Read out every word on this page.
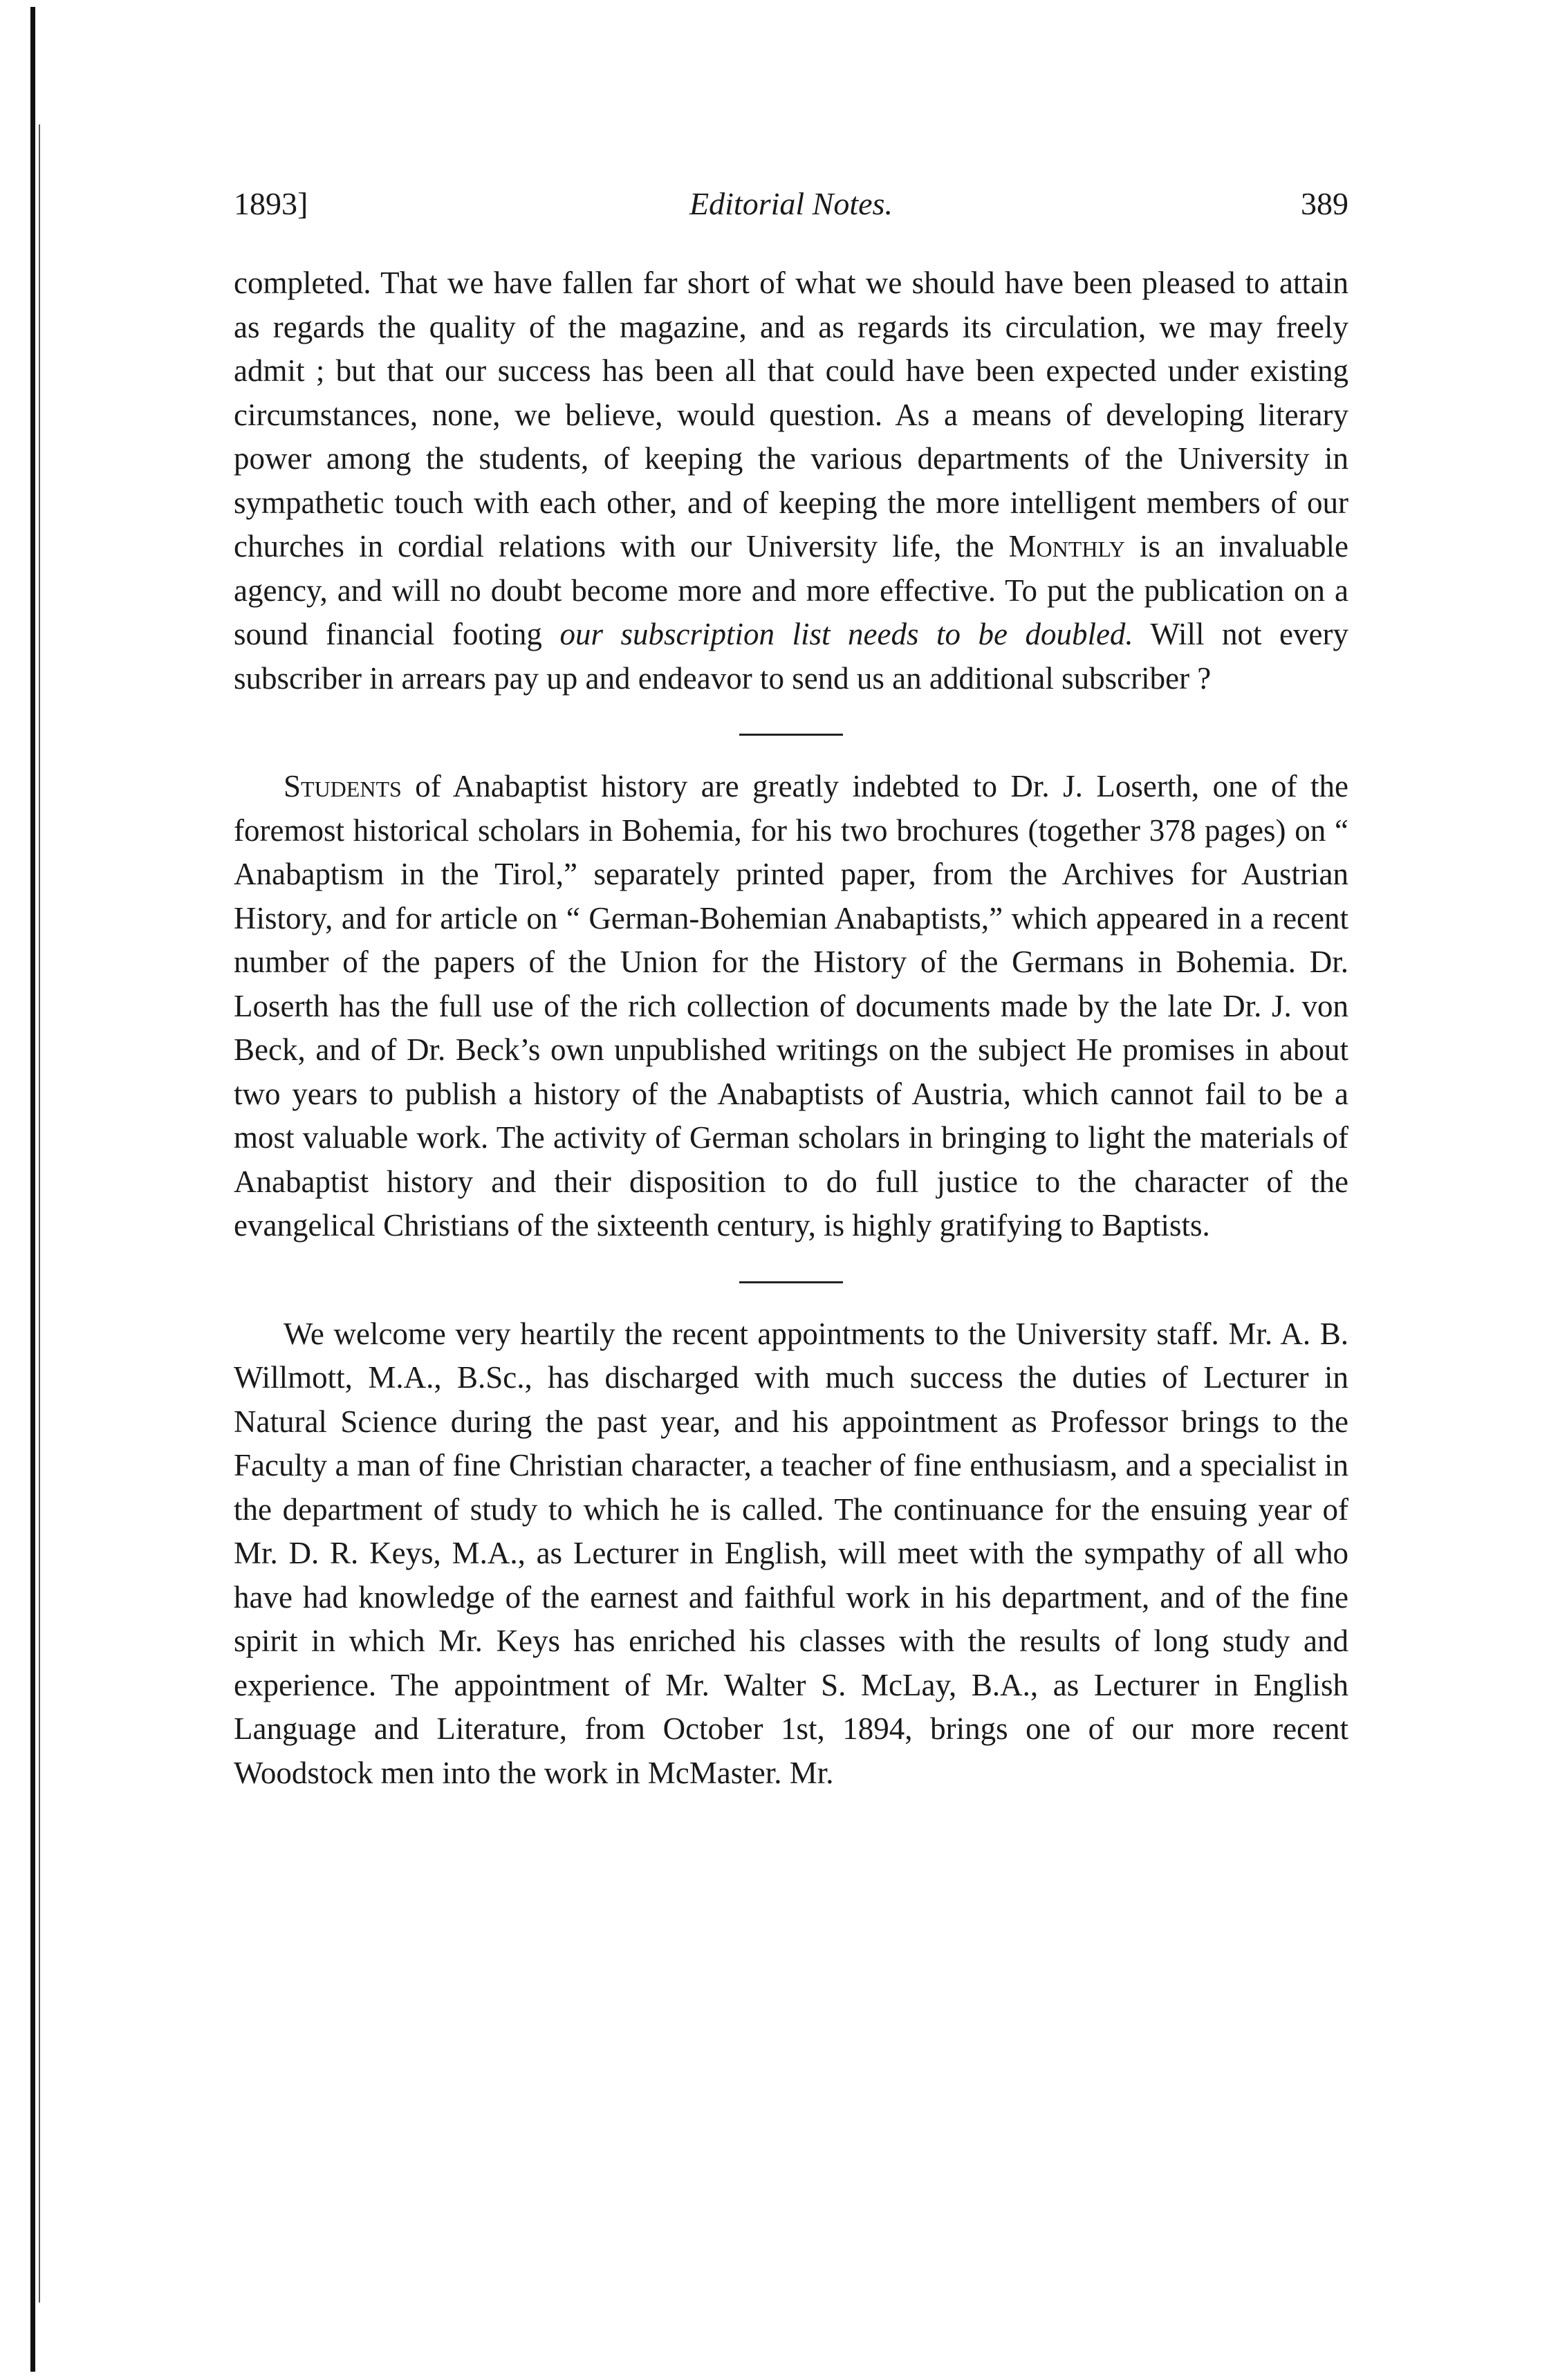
1893]	Editorial Notes.	389

completed. That we have fallen far short of what we should have been pleased to attain as regards the quality of the magazine, and as regards its circulation, we may freely admit ; but that our success has been all that could have been expected under existing circumstances, none, we believe, would question. As a means of developing literary power among the students, of keeping the various departments of the University in sympathetic touch with each other, and of keeping the more intelligent members of our churches in cordial relations with our University life, the Monthly is an invaluable agency, and will no doubt become more and more effective. To put the publication on a sound financial footing our subscription list needs to be doubled. Will not every subscriber in arrears pay up and endeavor to send us an additional subscriber ?

Students of Anabaptist history are greatly indebted to Dr. J. Loserth, one of the foremost historical scholars in Bohemia, for his two brochures (together 378 pages) on “ Anabaptism in the Tirol,” separately printed paper, from the Archives for Austrian History, and for article on “ German-Bohemian Anabaptists,” which appeared in a recent number of the papers of the Union for the History of the Germans in Bohemia. Dr. Loserth has the full use of the rich collection of documents made by the late Dr. J. von Beck, and of Dr. Beck’s own unpublished writings on the subject He promises in about two years to publish a history of the Anabaptists of Austria, which cannot fail to be a most valuable work. The activity of German scholars in bringing to light the materials of Anabaptist history and their disposition to do full justice to the character of the evangelical Christians of the sixteenth century, is highly gratifying to Baptists.

We welcome very heartily the recent appointments to the University staff. Mr. A. B. Willmott, M.A., B.Sc., has discharged with much success the duties of Lecturer in Natural Science during the past year, and his appointment as Professor brings to the Faculty a man of fine Christian character, a teacher of fine enthusiasm, and a specialist in the department of study to which he is called. The continuance for the ensuing year of Mr. D. R. Keys, M.A., as Lecturer in English, will meet with the sympathy of all who have had knowledge of the earnest and faithful work in his department, and of the fine spirit in which Mr. Keys has enriched his classes with the results of long study and experience. The appointment of Mr. Walter S. McLay, B.A., as Lecturer in English Language and Literature, from October 1st, 1894, brings one of our more recent Woodstock men into the work in McMaster. Mr.
